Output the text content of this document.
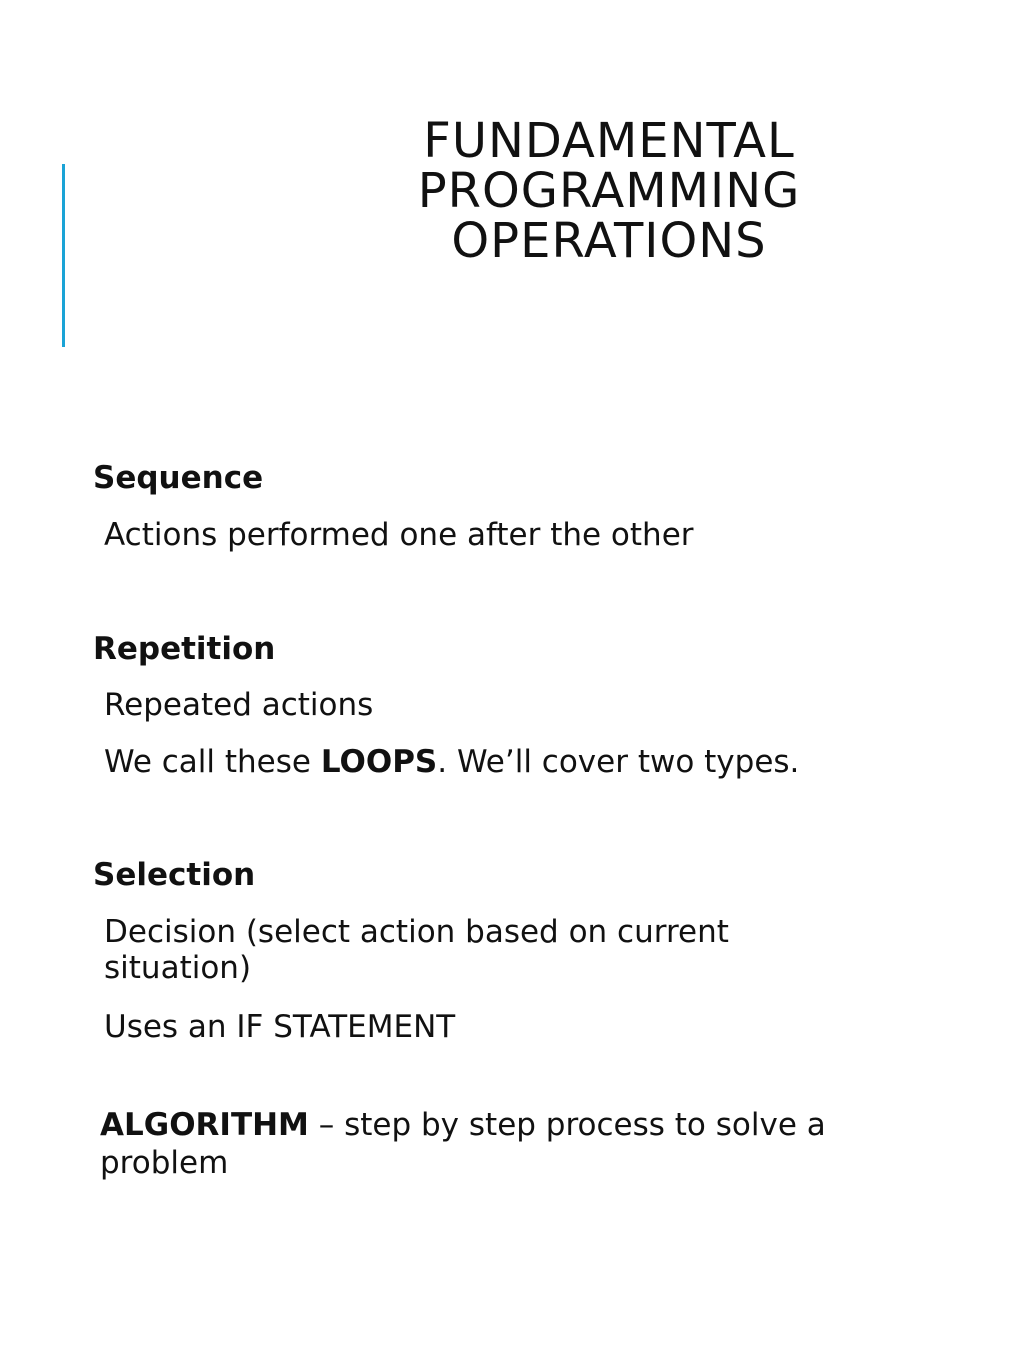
FUNDAMENTAL
PROGRAMMING
OPERATIONS

Sequence

Actions performed one after the other

Repetition

Repeated actions

We call these LOOPS. We’ll cover two types.

Selection

Decision (select action based on current situation)

Uses an IF STATEMENT

ALGORITHM – step by step process to solve a problem
